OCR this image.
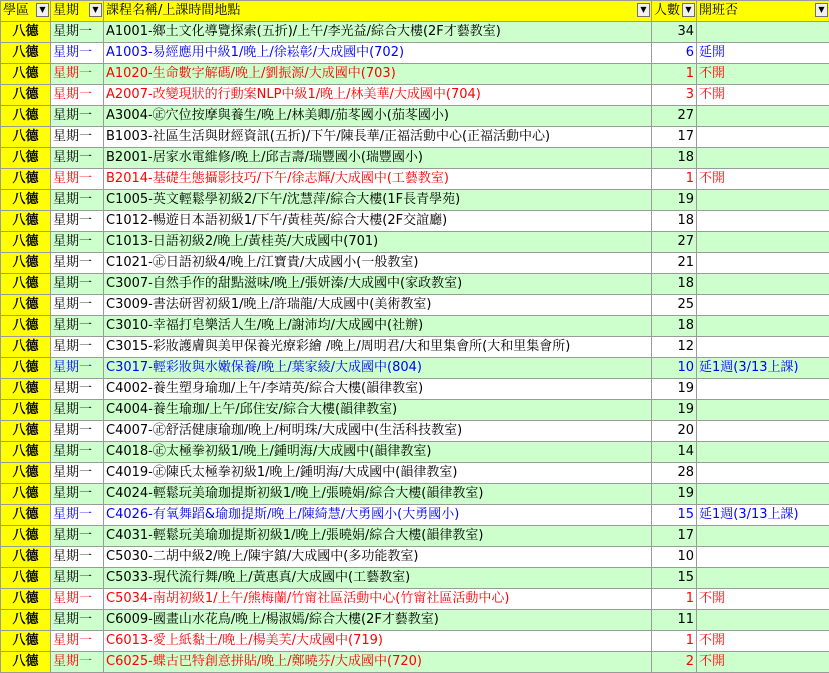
學區 ▼	星期 ▼	課程名稱/上課時間地點 ▼	人數 ▼	開班否 ▼

八德	星期一	A1001-鄉土文化導覽探索(五折)/上午/李光益/綜合大樓(2F才藝教室)	34	
八德	星期一	A1003-易經應用中級1/晚上/徐崧彰/大成國中(702)	6	延開
八德	星期一	A1020-生命數字解碼/晚上/劉振源/大成國中(703)	1	不開
八德	星期一	A2007-改變現狀的行動案NLP中級1/晚上/林美華/大成國中(704)	3	不開
八德	星期一	A3004-㊣穴位按摩與養生/晚上/林美卿/茄苳國小(茄苳國小)	27	
八德	星期一	B1003-社區生活與財經資訊(五折)/下午/陳長華/正福活動中心(正福活動中心)	17	
八德	星期一	B2001-居家水電維修/晚上/邱吉壽/瑞豐國小(瑞豐國小)	18	
八德	星期一	B2014-基礎生態攝影技巧/下午/徐志輝/大成國中(工藝教室)	1	不開
八德	星期一	C1005-英文輕鬆學初級2/下午/沈慧萍/綜合大樓(1F長青學苑)	19	
八德	星期一	C1012-暢遊日本語初級1/下午/黃桂英/綜合大樓(2F交誼廳)	18	
八德	星期一	C1013-日語初級2/晚上/黃桂英/大成國中(701)	27	
八德	星期一	C1021-㊣日語初級4/晚上/江寶貴/大成國小(一般教室)	21	
八德	星期一	C3007-自然手作的甜點滋味/晚上/張妍溱/大成國中(家政教室)	18	
八德	星期一	C3009-書法研習初級1/晚上/許瑞龍/大成國中(美術教室)	25	
八德	星期一	C3010-幸福打皂樂活人生/晚上/謝沛均/大成國中(社辦)	18	
八德	星期一	C3015-彩妝護膚與美甲保養光療彩繪 /晚上/周明君/大和里集會所(大和里集會所)	12	
八德	星期一	C3017-輕彩妝與水嫩保養/晚上/葉家綾/大成國中(804)	10	延1週(3/13上課)
八德	星期一	C4002-養生塑身瑜珈/上午/李靖英/綜合大樓(韻律教室)	19	
八德	星期一	C4004-養生瑜珈/上午/邱住安/綜合大樓(韻律教室)	19	
八德	星期一	C4007-㊣舒活健康瑜珈/晚上/柯明珠/大成國中(生活科技教室)	20	
八德	星期一	C4018-㊣太極拳初級1/晚上/鍾明海/大成國中(韻律教室)	14	
八德	星期一	C4019-㊣陳氏太極拳初級1/晚上/鍾明海/大成國中(韻律教室)	28	
八德	星期一	C4024-輕鬆玩美瑜珈提斯初級1/晚上/張曉娟/綜合大樓(韻律教室)	19	
八德	星期一	C4026-有氧舞蹈&瑜珈提斯/晚上/陳綺慧/大勇國小(大勇國小)	15	延1週(3/13上課)
八德	星期一	C4031-輕鬆玩美瑜珈提斯初級1/晚上/張曉娟/綜合大樓(韻律教室)	17	
八德	星期一	C5030-二胡中級2/晚上/陳宇鎮/大成國中(多功能教室)	10	
八德	星期一	C5033-現代流行舞/晚上/黃惠真/大成國中(工藝教室)	15	
八德	星期一	C5034-南胡初級1/上午/熊梅蘭/竹甯社區活動中心(竹甯社區活動中心)	1	不開
八德	星期一	C6009-國畫山水花鳥/晚上/楊淑嫣/綜合大樓(2F才藝教室)	11	
八德	星期一	C6013-愛上紙黏土/晚上/楊美芙/大成國中(719)	1	不開
八德	星期一	C6025-蝶古巴特創意拼貼/晚上/鄭曉芬/大成國中(720)	2	不開
